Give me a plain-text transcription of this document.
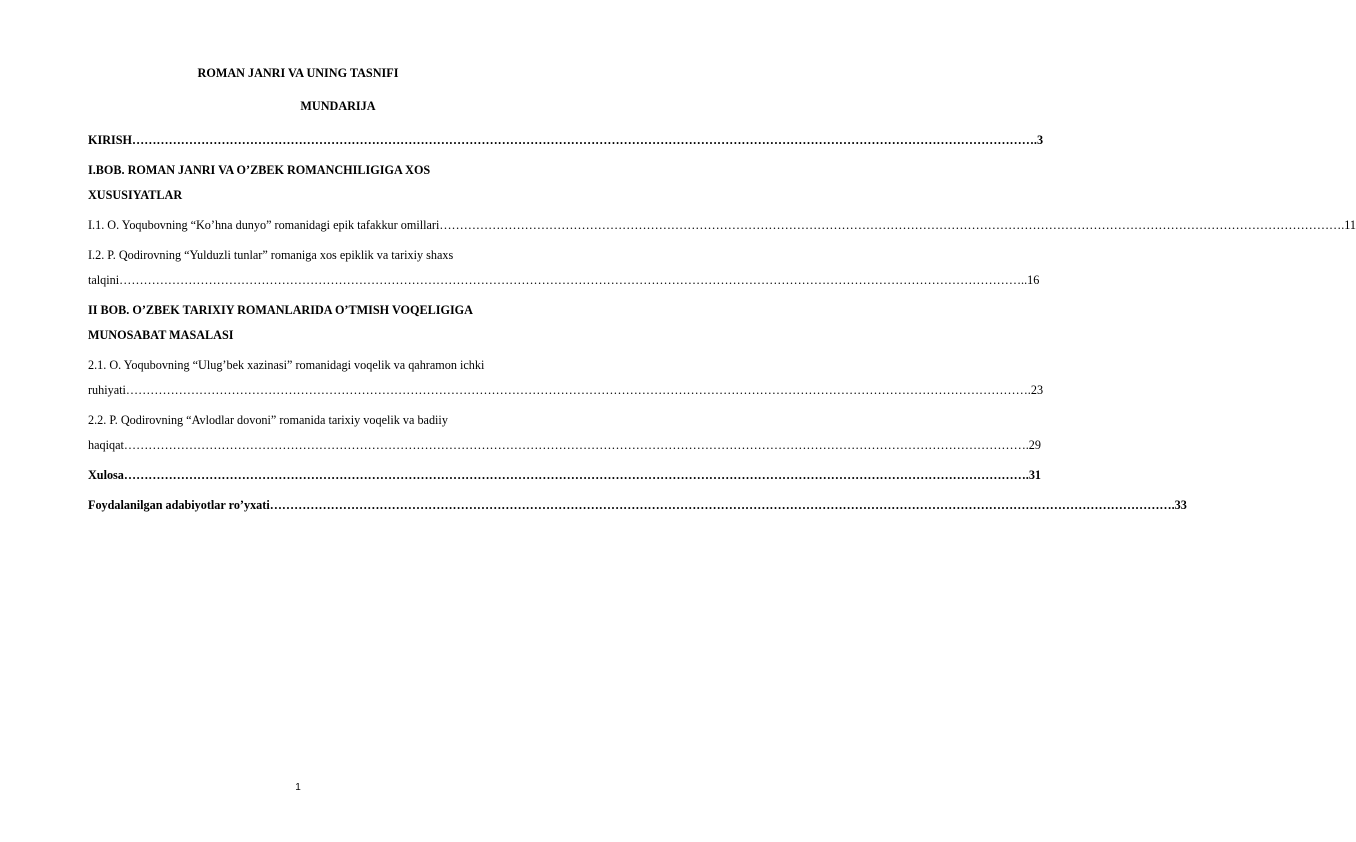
ROMAN JANRI VA UNING TASNIFI
MUNDARIJA
KIRISH …………………………………………………………………………………………………………………………………………………………………………………………………… .3
I.BOB. ROMAN JANRI VA O’ZBEK ROMANCHILIGIGA XOS
XUSUSIYATLAR
I.1. O. Yoqubovning “Ko’hna dunyo” romanidagi epik tafakkur omillari …………………………………………………………………………………………………………………………………………………………………………………………………… .11
I.2. P. Qodirovning “Yulduzli tunlar” romaniga xos epiklik va tarixiy shaxs
talqini …………………………………………………………………………………………………………………………………………………………………………………………………… ..16
II BOB. O’ZBEK TARIXIY ROMANLARIDA O’TMISH VOQELIGIGA
MUNOSABAT MASALASI
2.1. O. Yoqubovning “Ulug’bek xazinasi” romanidagi voqelik va qahramon ichki
ruhiyati …………………………………………………………………………………………………………………………………………………………………………………………………… .23
2.2. P. Qodirovning “Avlodlar dovoni” romanida tarixiy voqelik va badiiy
haqiqat …………………………………………………………………………………………………………………………………………………………………………………………………… .29
Xulosa …………………………………………………………………………………………………………………………………………………………………………………………………… .31
Foydalanilgan adabiyotlar ro’yxati …………………………………………………………………………………………………………………………………………………………………………………………………… .33
1
